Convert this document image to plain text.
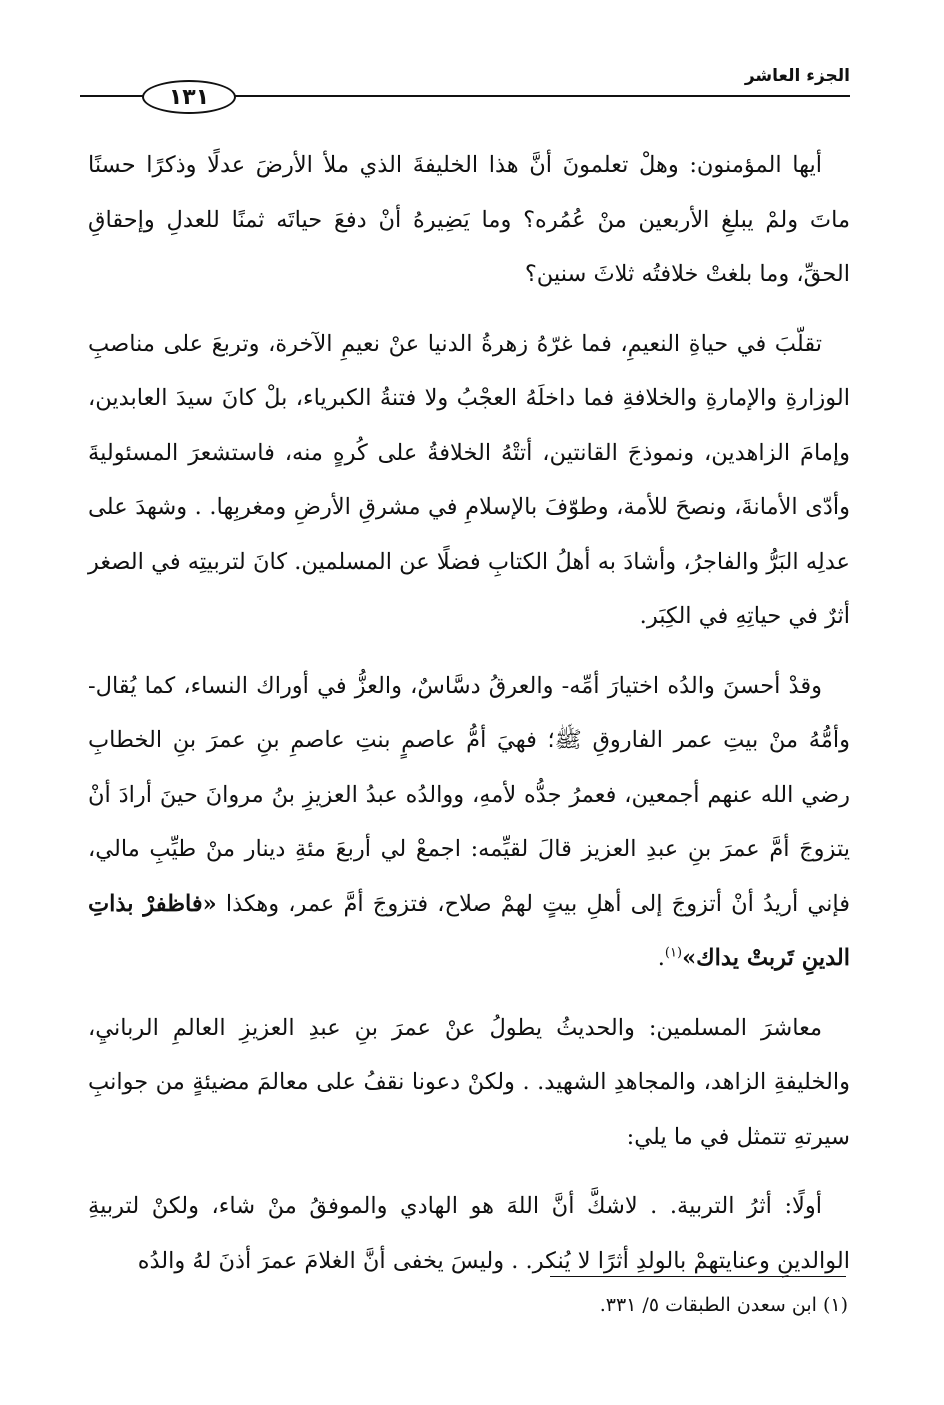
١٣١
الجزء العاشر

أيها المؤمنون: وهلْ تعلمونَ أنَّ هذا الخليفةَ الذي ملأ الأرضَ عدلًا وذكرًا حسنًا ماتَ ولمْ يبلغِ الأربعين منْ عُمُره؟ وما يَضِيرهُ أنْ دفعَ حياتَه ثمنًا للعدلِ وإحقاقِ الحقِّ، وما بلغتْ خلافتُه ثلاثَ سنين؟

تقلّبَ في حياةِ النعيمِ، فما غرّهُ زهرةُ الدنيا عنْ نعيمِ الآخرة، وتربعَ على مناصبِ الوزارةِ والإمارةِ والخلافةِ فما داخلَهُ العجْبُ ولا فتنةُ الكبرياء، بلْ كانَ سيدَ العابدين، وإمامَ الزاهدين، ونموذجَ القانتين، أتتْهُ الخلافةُ على كُرهٍ منه، فاستشعرَ المسئوليةَ وأدّى الأمانةَ، ونصحَ للأمة، وطوّفَ بالإسلامِ في مشرقِ الأرضِ ومغربِها. . وشهدَ على عدلِه البَرُّ والفاجرُ، وأشادَ به أهلُ الكتابِ فضلًا عن المسلمين. كانَ لتربيتِه في الصغر أثرٌ في حياتِهِ في الكِبَر.

وقدْ أحسنَ والدُه اختيارَ أمِّه- والعرقُ دسَّاسٌ، والعزُّ في أوراك النساء، كما يُقال- وأمُّهُ منْ بيتِ عمر الفاروقِ ﷺ؛ فهيَ أمُّ عاصمٍ بنتِ عاصمِ بنِ عمرَ بنِ الخطابِ رضي الله عنهم أجمعين، فعمرُ جدُّه لأمهِ، ووالدُه عبدُ العزيزِ بنُ مروانَ حينَ أرادَ أنْ يتزوجَ أمَّ عمرَ بنِ عبدِ العزيز قالَ لقيِّمه: اجمعْ لي أربعَ مئةِ دينار منْ طيِّبِ مالي، فإني أريدُ أنْ أتزوجَ إلى أهلِ بيتٍ لهمْ صلاح، فتزوجَ أمَّ عمر، وهكذا «فاظفرْ بذاتِ الدينِ تَربتْ يداك»$^{(١)}$.

معاشرَ المسلمين: والحديثُ يطولُ عنْ عمرَ بنِ عبدِ العزيزِ العالمِ الربانيِ، والخليفةِ الزاهد، والمجاهدِ الشهيد. . ولكنْ دعونا نقفُ على معالمَ مضيئةٍ من جوانبِ سيرتهِ تتمثل في ما يلي:

أولًا: أثرُ التربية. . لاشكَّ أنَّ اللهَ هو الهادي والموفقُ منْ شاء، ولكنْ لتربيةِ الوالدينِ وعنايتهمْ بالولدِ أثرًا لا يُنكر. . وليسَ يخفى أنَّ الغلامَ عمرَ أذنَ لهُ والدُه

(١) ابن سعدن الطبقات ٥/ ٣٣١.
